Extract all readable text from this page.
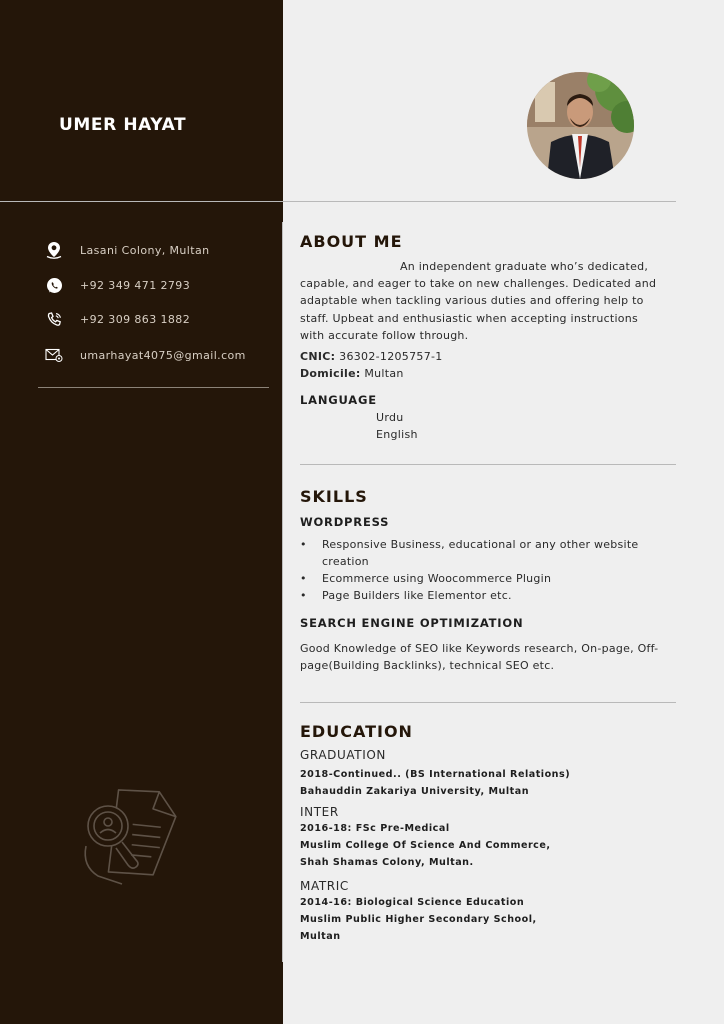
UMER HAYAT
Lasani Colony, Multan
+92 349 471 2793
+92 309 863 1882
umarhayat4075@gmail.com
ABOUT ME
An independent graduate who’s dedicated, capable, and eager to take on new challenges. Dedicated and adaptable when tackling various duties and offering help to staff. Upbeat and enthusiastic when accepting instructions with accurate follow through.
CNIC: 36302-1205757-1
Domicile: Multan
LANGUAGE
Urdu
English
SKILLS
WORDPRESS
• Responsive Business, educational or any other website creation
• Ecommerce using Woocommerce Plugin
• Page Builders like Elementor etc.
SEARCH ENGINE OPTIMIZATION
Good Knowledge of SEO like Keywords research, On-page, Off-page(Building Backlinks), technical SEO etc.
EDUCATION
GRADUATION
2018-Continued.. (BS International Relations)
Bahauddin Zakariya University, Multan
INTER
2016-18: FSc Pre-Medical
Muslim College Of Science And Commerce,
Shah Shamas Colony, Multan.
MATRIC
2014-16: Biological Science Education
Muslim Public Higher Secondary School,
Multan
